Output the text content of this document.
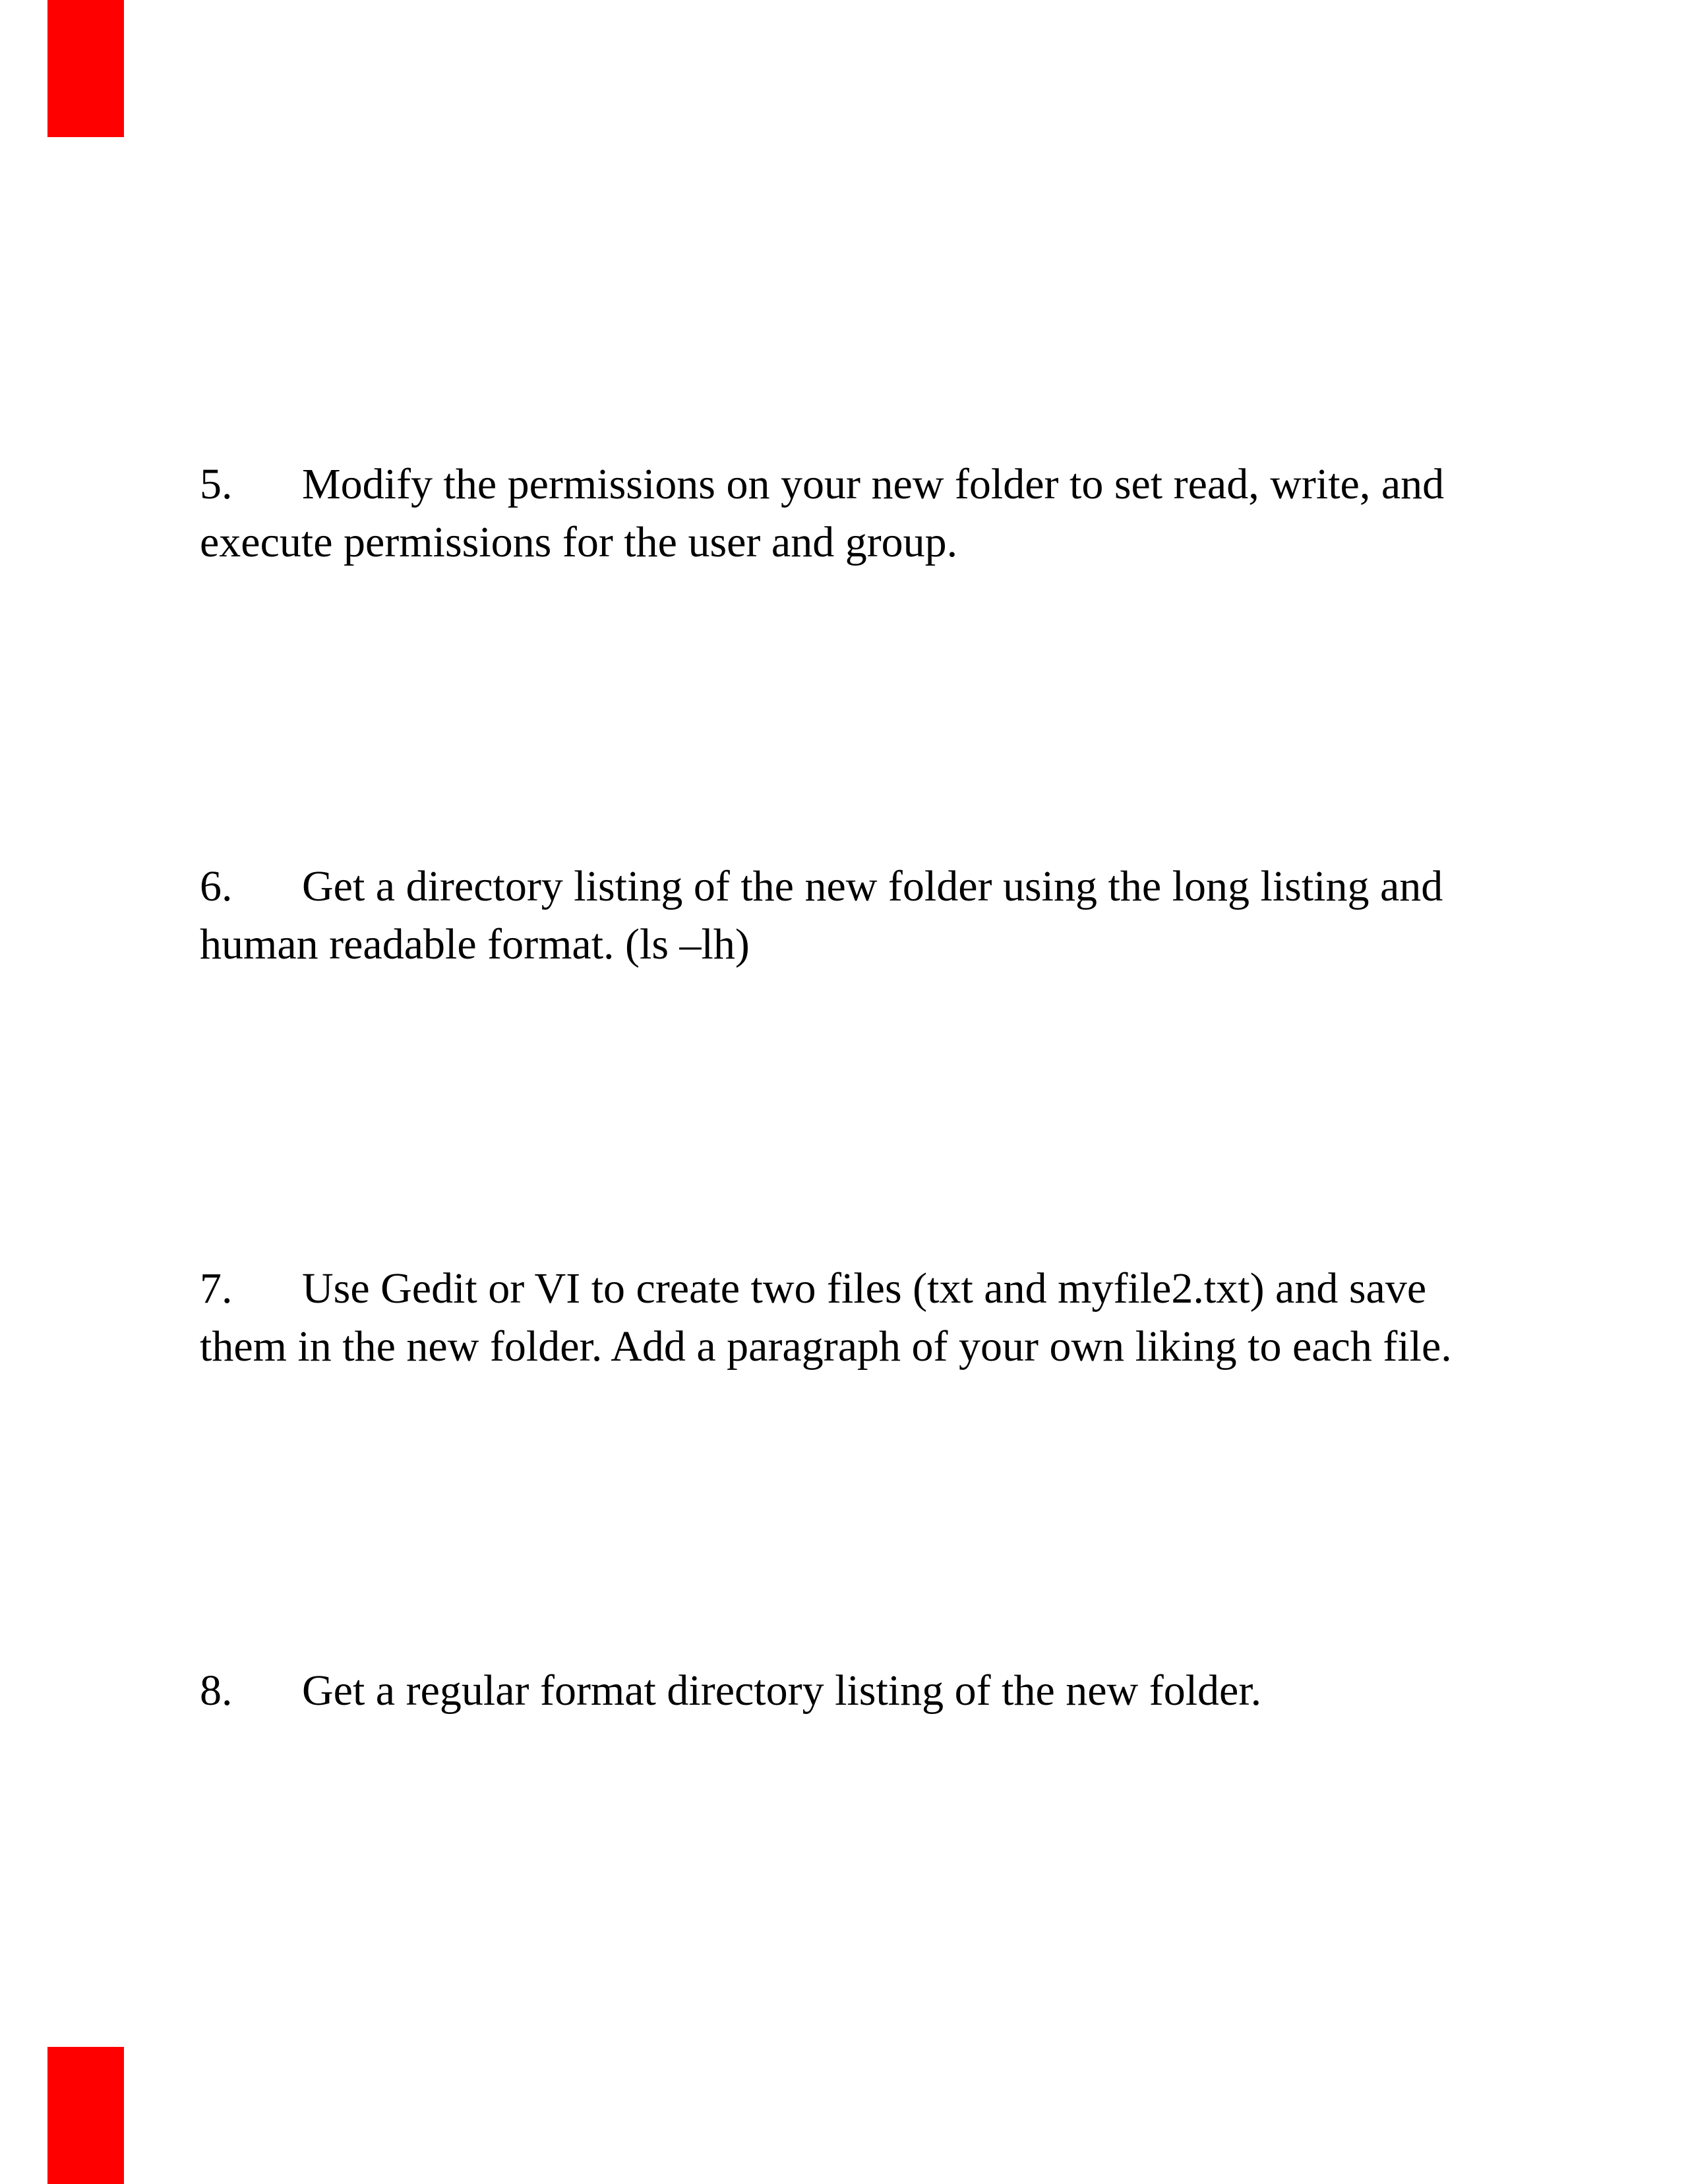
5. Modify the permissions on your new folder to set read, write, and execute permissions for the user and group.

6. Get a directory listing of the new folder using the long listing and human readable format. (ls –lh)

7. Use Gedit or VI to create two files (txt and myfile2.txt) and save them in the new folder. Add a paragraph of your own liking to each file.

8. Get a regular format directory listing of the new folder.
